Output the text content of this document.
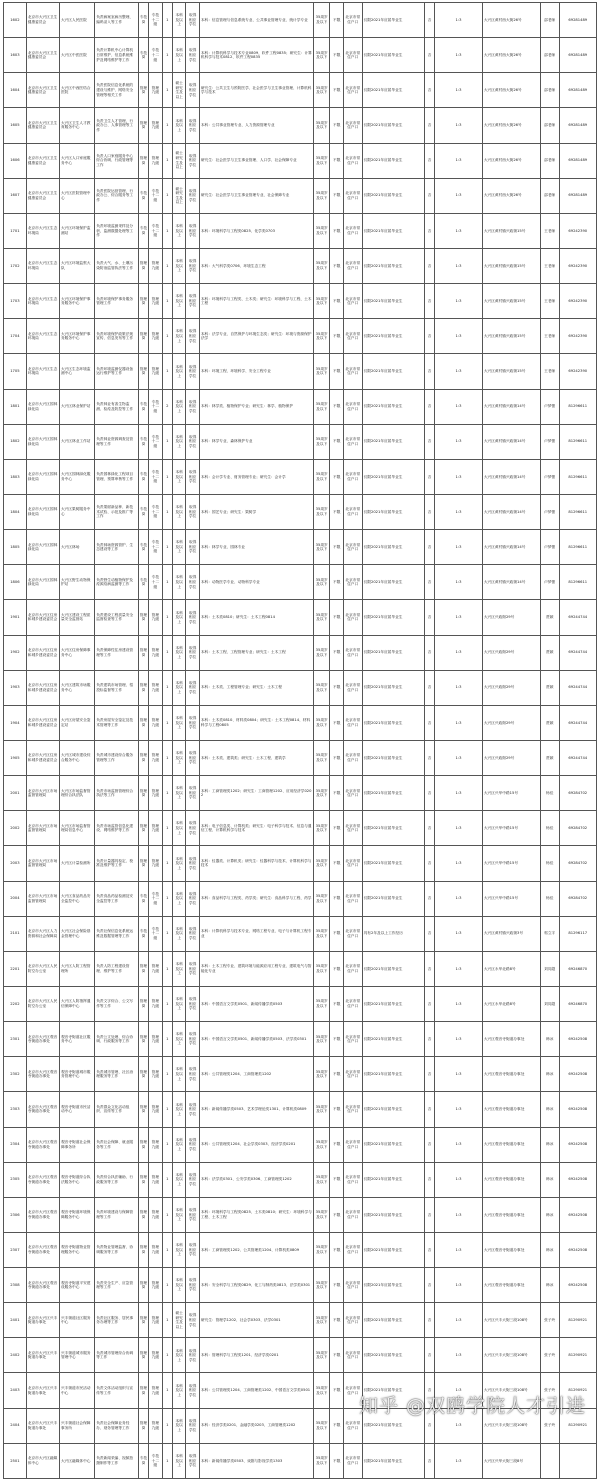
1602	北京市大兴区卫生健康委员会	大兴区人民医院	负责病案室病历整理、编码录入等工作	专技岗	专技十二级	1	本科及以上	取得相应学位	本科：信息管理与信息系统专业、公共事业管理专业、统计学专业	35周岁及以下	不限	北京市常住户口	仅限2021年应届毕业生	否	1:3	大兴区黄村西大街26号	邵老师	69281489
1603	北京市大兴区卫生健康委员会	大兴区中医医院	负责计算机中心计算机日常维护、信息系统维护及网络维护等工作	专技岗	专技十二级	1	本科及以上	取得相应学位	本科：计算机科学与技术专业0809、软件工程0835；研究生：计算机科学与技术0812、软件工程0835	35周岁及以下	不限	北京市常住户口	仅限2021年应届毕业生	否	1:3	大兴区黄村西大街26号	邵老师	69281489
1604	北京市大兴区卫生健康委员会	大兴区中西医结合医院	负责医院信息化系统的建设与维护、网络安全管理等相关工作	管理岗	管理九级	1	硕士研究生及以上	取得相应学位	研究生：公共卫生与预防医学、社会医学与卫生事业管理、计算机科学与技术	35周岁及以下	不限	北京市常住户口	仅限2021年应届毕业生	否	1:3	大兴区黄村西大街26号	邵老师	69281489
1605	北京市大兴区卫生健康委员会	大兴区卫生人才教育服务中心	负责卫生人才管理，行政办公、人事管理等工作	管理岗	管理九级	1	本科及以上	取得相应学位	本科：公共事业管理专业、人力资源管理专业	35周岁及以下	不限	北京市常住户口	仅限2021年应届毕业生	否	1:3	大兴区黄村西大街26号	邵老师	69281489
1606	北京市大兴区卫生健康委员会	大兴区人口家庭服务中心	负责人口家庭服务中心综合协调、行政管理等工作	管理岗	管理九级	1	硕士研究生及以上	取得相应学位	研究生：社会医学与卫生事业管理、人口学、社会保障专业	35周岁及以下	不限	北京市常住户口	仅限2021年应届毕业生	否	1:3	大兴区黄村西大街26号	邵老师	69281489
1607	北京市大兴区卫生健康委员会	大兴区医院管理中心	负责医院运营管理、行政办公、综合服务等工作	专技岗	专技十二级	1	硕士研究生及以上	取得相应学位	研究生：社会医学与卫生事业管理专业、社会保障专业	35周岁及以下	不限	北京市常住户口	仅限2021年应届毕业生	否	1:3	大兴区黄村西大街26号	邵老师	69281489
1701	北京市大兴区生态环境局	大兴区环境保护监测站	负责环境监测采样及分析，监测数据处理等工作	专技岗	专技十二级	1	本科及以上	取得相应学位	本科：环境科学与工程类0825、化学类0703	35周岁及以下	不限	北京市常住户口	仅限2021年应届毕业生	否	1:3	大兴区黄村镇兴政街15号	王老师	69242390
1702	北京市大兴区生态环境局	大兴区环境监察大队	负责大气、水、土壤污染防治监管执法等工作	管理岗	管理九级	1	本科及以上	取得相应学位	本科：大气科学类0706、环境生态工程	35周岁及以下	不限	北京市常住户口	仅限2021年应届毕业生	否	1:3	大兴区黄村镇兴政街15号	王老师	69242390
1703	北京市大兴区生态环境局	大兴区环境保护事务服务中心	负责环境保护事务服务管理工作	管理岗	管理九级	1	本科及以上	取得相应学位	本科：环境科学与工程类、土木类；研究生：环境科学与工程、土木工程	35周岁及以下	不限	北京市常住户口	仅限2021年应届毕业生	否	1:3	大兴区黄村镇兴政街15号	王老师	69242390
1704	北京市大兴区生态环境局	大兴区环境保护事务服务中心	负责环境保护政策法规宣传、信息发布等工作	管理岗	管理九级	1	本科及以上	取得相应学位	本科：法学专业、自然保护与环境生态类；研究生：环境与资源保护法学	35周岁及以下	不限	北京市常住户口	仅限2021年应届毕业生	否	1:3	大兴区黄村镇兴政街15号	王老师	69242390
1705	北京市大兴区生态环境局	大兴区生态环境监测中心	负责环境监测仪器设备运行维护等工作	管理岗	管理九级	1	本科及以上	取得相应学位	本科：环境工程、环境科学、安全工程专业	35周岁及以下	不限	北京市常住户口	仅限2021年应届毕业生	否	1:3	大兴区黄村镇兴政街15号	王老师	69242390
1801	北京市大兴区园林绿化局	大兴区林业保护站	负责林业有害生物监测、检疫及防控等工作	专技岗	专技十二级	2	本科及以上	取得相应学位	本科：林学类、植物保护专业；研究生：林学、植物保护	35周岁及以下	不限	北京市常住户口	仅限2021年应届毕业生	否	1:3	大兴区黄村镇兴政街14号	卢梦蕾	81296611
1802	北京市大兴区园林绿化局	大兴区林业工作站	负责林业资源调查及管理等工作	专技岗	专技十二级	1	本科及以上	取得相应学位	本科：林学专业、森林保护专业	35周岁及以下	不限	北京市常住户口	仅限2021年应届毕业生	否	1:3	大兴区黄村镇兴政街14号	卢梦蕾	81296611
1803	北京市大兴区园林绿化局	大兴区园林绿化服务中心	负责园林绿化工程项目管理、预算审核等工作	专技岗	专技十二级	1	本科及以上	取得相应学位	本科：会计学专业、财务管理专业；研究生：会计学	35周岁及以下	不限	北京市常住户口	仅限2021年应届毕业生	否	1:3	大兴区黄村镇兴政街14号	卢梦蕾	81296611
1804	北京市大兴区园林绿化局	大兴区果树服务中心	负责果树新品种、新技术试验、示范及推广等工作	专技岗	专技十二级	1	本科及以上	取得相应学位	本科：园艺专业；研究生：果树学	35周岁及以下	不限	北京市常住户口	仅限2021年应届毕业生	否	1:3	大兴区黄村镇兴政街14号	卢梦蕾	81296611
1805	北京市大兴区园林绿化局	大兴区林场	负责林场资源管护、生态建设等工作	专技岗	专技十二级	1	本科及以上	取得相应学位	本科：林学专业、园林专业	35周岁及以下	不限	北京市常住户口	仅限2021年应届毕业生	否	1:3	大兴区黄村镇兴政街14号	卢梦蕾	81296611
1806	北京市大兴区园林绿化局	大兴区野生动物保护站	负责野生动植物保护及疫源疫病监测等工作	专技岗	专技十二级	1	本科及以上	取得相应学位	本科：动物医学专业、动物科学专业	35周岁及以下	不限	北京市常住户口	仅限2021年应届毕业生	否	1:3	大兴区黄村镇兴政街14号	卢梦蕾	81296611
1901	北京市大兴区住房和城乡建设委员会	大兴区建设工程质量安全监督站	负责建设工程质量安全监督检查等工作	管理岗	管理九级	1	本科及以上	取得相应学位	本科：土木类0810；研究生：土木工程0814	35周岁及以下	不限	北京市常住户口	仅限2021年应届毕业生	否	1:3	大兴区兴政街29号	贾颖	69244744
1902	北京市大兴区住房和城乡建设委员会	大兴区住房保障事务中心	负责保障性住房建设管理等工作	管理岗	管理九级	1	本科及以上	取得相应学位	本科：土木工程、工程管理专业；研究生：土木工程	35周岁及以下	不限	北京市常住户口	仅限2021年应届毕业生	否	1:3	大兴区兴政街29号	贾颖	69244744
1903	北京市大兴区住房和城乡建设委员会	大兴区建筑市场服务中心	负责建筑市场管理、招投标监督等工作	管理岗	管理九级	1	本科及以上	取得相应学位	本科：土木类、工程管理专业；研究生：土木工程	35周岁及以下	不限	北京市常住户口	仅限2021年应届毕业生	否	1:3	大兴区兴政街29号	贾颖	69244744
1904	北京市大兴区住房和城乡建设委员会	大兴区房屋安全鉴定站	负责房屋安全鉴定及技术管理等工作	管理岗	管理九级	1	本科及以上	取得相应学位	本科：土木类0810、材料类0804；研究生：土木工程0814、材料科学与工程0805	35周岁及以下	不限	北京市常住户口	仅限2021年应届毕业生	否	1:3	大兴区兴政街29号	贾颖	69244744
1905	北京市大兴区住房和城乡建设委员会	大兴区城市建设综合服务中心	负责城市建设综合服务管理等工作	管理岗	管理九级	1	本科及以上	取得相应学位	本科：土木类、建筑类；研究生：土木工程、建筑学	35周岁及以下	不限	北京市常住户口	仅限2021年应届毕业生	否	1:3	大兴区兴政街29号	贾颖	69244744
2001	北京市大兴区市场监督管理局	大兴区市场监督管理综合执法队	负责市场监督管理综合执法等工作	管理岗	管理九级	1	本科及以上	取得相应学位	本科：工商管理类1202；研究生：工商管理1202、应用经济学0202	35周岁及以下	不限	北京市常住户口	仅限2021年应届毕业生	否	1:3	大兴区兴华中路15号	杨佳	69284702
2002	北京市大兴区市场监督管理局	大兴区市场监督管理局信息中心	负责市场监管信息化建设、网络维护等工作	管理岗	管理九级	1	本科及以上	取得相应学位	本科：电子信息类、计算机类；研究生：电子科学与技术、信息与通信工程、计算机科学与技术	35周岁及以下	不限	北京市常住户口	仅限2021年应届毕业生	否	1:3	大兴区兴华中路15号	杨佳	69284702
2003	北京市大兴区市场监督管理局	大兴区计量检测所	负责计量器具检定、校准及维护等工作	管理岗	管理九级	1	本科及以上	取得相应学位	本科：仪器类、计算机类；研究生：仪器科学与技术、计算机科学与技术	35周岁及以下	不限	北京市常住户口	仅限2021年应届毕业生	否	1:3	大兴区兴华中路15号	杨佳	69284702
2004	北京市大兴区市场监督管理局	大兴区食品药品安全监控中心	负责食品药品检测及安全监控等工作	专技岗	专技十二级	1	本科及以上	取得相应学位	本科：食品科学与工程类、药学类；研究生：食品科学与工程、药学	35周岁及以下	不限	北京市常住户口	仅限2021年应届毕业生	否	1:3	大兴区兴华中路15号	杨佳	69284702
2101	北京市大兴区人力资源和社会保障局	大兴区社会保险基金管理中心	负责社保信息化系统运维及数据管理等工作	专技岗	专技十二级	1	本科及以上	取得相应学位	本科：计算机科学与技术专业、网络工程专业、电子与计算机工程专业	35周岁及以下	不限	北京市常住户口	具有2年及以上工作经历	否	1:3	大兴区黄村镇兴政街3号	郭立宇	81296117
2201	北京市大兴区人民防空办公室	大兴区人防工程管理所	负责人防工程建设管理、维护等工作	管理岗	管理九级	1	本科及以上	取得相应学位	本科：土木工程专业、建筑环境与能源应用工程专业、建筑电气与智能化专业	35周岁及以下	不限	北京市常住户口	仅限2021年应届毕业生	否	1:3	大兴区永华北路8号	刘同超	69246870
2202	北京市大兴区人民防空办公室	大兴区人防指挥通信保障中心	负责文字综合、公文写作等工作	管理岗	管理九级	1	本科及以上	取得相应学位	本科：中国语言文学类0501、新闻传播学类0503	35周岁及以下	不限	北京市常住户口	仅限2021年应届毕业生	否	1:3	大兴区永华北路8号	刘同超	69246870
2301	北京市大兴区观音寺街道办事处	观音寺街道社区服务中心	负责公文处理、综合协调、行政服务等工作	管理岗	管理九级	1	本科及以上	取得相应学位	本科：中国语言文学类0501、新闻传播学类0503、法学类0301	35周岁及以下	不限	北京市常住户口	仅限2021年应届毕业生	否	1:3	大兴区观音寺街道办事处	韩冰	69242508
2302	北京市大兴区观音寺街道办事处	观音寺街道城市服务管理中心	负责城市管理、社区治理服务等工作	管理岗	管理九级	1	本科及以上	取得相应学位	本科：公共管理类1204、工商管理类1202	35周岁及以下	不限	北京市常住户口	仅限2021年应届毕业生	否	1:3	大兴区观音寺街道办事处	韩冰	69242508
2303	北京市大兴区观音寺街道办事处	观音寺街道市民活动中心	负责群众文化活动组织、宣传等工作	管理岗	管理九级	1	本科及以上	取得相应学位	本科：新闻传播学类0503、艺术学理论类1301、计算机类0809	35周岁及以下	不限	北京市常住户口	仅限2021年应届毕业生	否	1:3	大兴区观音寺街道办事处	韩冰	69242508
2304	北京市大兴区观音寺街道办事处	观音寺街道社会保障事务所	负责社会保障、就业服务等工作	管理岗	管理九级	1	本科及以上	取得相应学位	本科：公共管理类1204、社会学类0303、经济学类0201	35周岁及以下	不限	北京市常住户口	仅限2021年应届毕业生	否	1:3	大兴区观音寺街道办事处	韩冰	69242508
2305	北京市大兴区观音寺街道办事处	观音寺街道综合执法服务中心	负责综合执法辅助、行政服务等工作	管理岗	管理九级	1	本科及以上	取得相应学位	本科：法学类0301、公安学类0306、工商管理类1202	35周岁及以下	不限	北京市常住户口	仅限2021年应届毕业生	否	1:3	大兴区观音寺街道办事处	韩冰	69242508
2306	北京市大兴区观音寺街道办事处	观音寺街道环境保障服务中心	负责环境建设与保障管理等工作	管理岗	管理九级	1	本科及以上	取得相应学位	本科：环境科学与工程类0825、土木类0810；研究生：环境科学与工程、土木工程	35周岁及以下	不限	北京市常住户口	仅限2021年应届毕业生	否	1:3	大兴区观音寺街道办事处	韩冰	69242508
2307	北京市大兴区观音寺街道办事处	观音寺街道物业管理服务中心	负责物业管理监督、协调服务等工作	管理岗	管理九级	1	本科及以上	取得相应学位	本科：工商管理类1202、公共管理类1204、计算机类0809	35周岁及以下	不限	北京市常住户口	仅限2021年应届毕业生	否	1:3	大兴区观音寺街道办事处	韩冰	69242508
2308	北京市大兴区观音寺街道办事处	观音寺街道平安建设服务中心	负责安全生产、应急管理等工作	管理岗	管理九级	1	本科及以上	取得相应学位	本科：安全科学与工程类0829、化工与制药类0813、法学类0301	35周岁及以下	不限	北京市常住户口	仅限2021年应届毕业生	否	1:3	大兴区观音寺街道办事处	韩冰	69242508
2401	北京市大兴区兴丰街道办事处	兴丰街道社区服务中心	负责社区服务、居民事务办理等工作	管理岗	管理九级	1	硕士研究生及以上	取得相应学位	研究生：管理学1202、社会学0303、法学0301	35周岁及以下	不限	北京市常住户口	仅限2021年应届毕业生	否	1:3	大兴区兴丰大街三段108号	张子玲	81290921
2402	北京市大兴区兴丰街道办事处	兴丰街道城市服务管理中心	负责城市管理综合协调等工作	管理岗	管理九级	1	本科及以上	取得相应学位	本科：管理科学与工程类1201、经济学类0201	35周岁及以下	不限	北京市常住户口	仅限2021年应届毕业生	否	1:3	大兴区兴丰大街三段108号	张子玲	81290921
2403	北京市大兴区兴丰街道办事处	兴丰街道市民活动中心	负责文体活动组织与宣传等工作	管理岗	管理九级	1	本科及以上	取得相应学位	本科：公共管理类1204、工商管理类1202、中国语言文学类0501	35周岁及以下	不限	北京市常住户口	仅限2021年应届毕业生	否	1:3	大兴区兴丰大街三段108号	张子玲	81290921
2404	北京市大兴区兴丰街道办事处	兴丰街道社会保障事务所	负责社会保障业务经办、财务管理等工作	管理岗	管理九级	1	本科及以上	取得相应学位	本科：经济学类0201、金融学类0203、工商管理类1202	35周岁及以下	不限	北京市常住户口	仅限2021年应届毕业生	否	1:3	大兴区兴丰大街三段108号	张子玲	81290921
2501	北京市大兴区融媒体中心	大兴区融媒体中心	负责新闻采编、视频拍摄制作等工作	专技岗	专技十二级	1	本科及以上	取得相应学位	本科：新闻传播学类0503、戏剧与影视学类1303	35周岁及以下	不限	北京市常住户口	仅限2021年应届毕业生	否	1:3	大兴区兴华大街三段8号		
知乎 @双鸥学院人才引进
